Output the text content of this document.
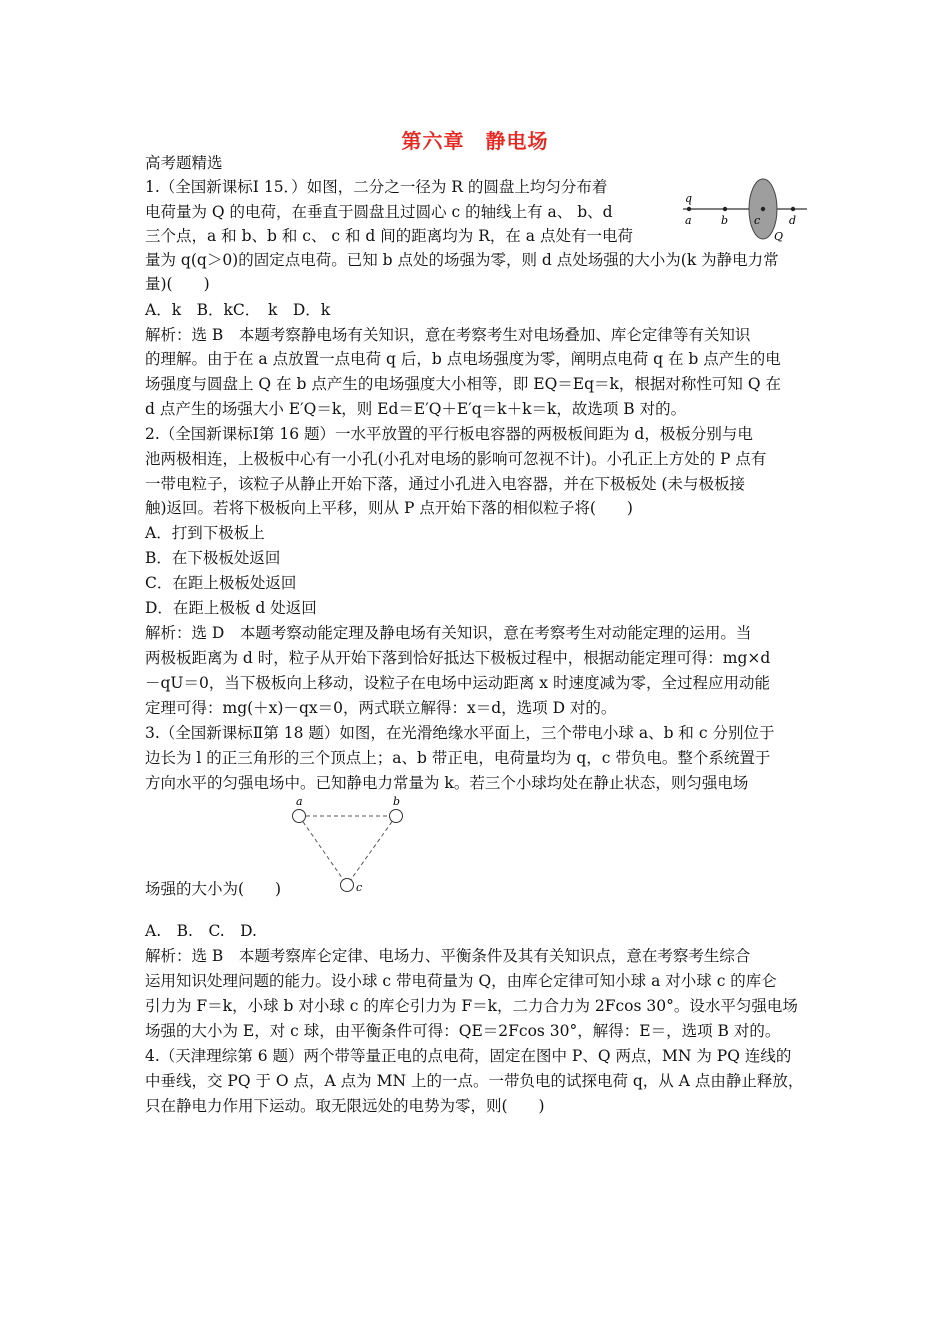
第六章　静电场
高考题精选
1.（全国新课标Ⅰ 15．）如图，二分之一径为 R 的圆盘上均匀分布着
电荷量为 Q 的电荷，在垂直于圆盘且过圆心 c 的轴线上有 a、 b、d
三个点，a 和 b、b 和 c、 c 和 d 间的距离均为 R，在 a 点处有一电荷
量为 q(q＞0)的固定点电荷。已知 b 点处的场强为零，则 d 点处场强的大小为(k 为静电力常
量)(　　)
A．k　B．kC．　k　D．k
解析：选 B　本题考察静电场有关知识，意在考察考生对电场叠加、库仑定律等有关知识
的理解。由于在 a 点放置一点电荷 q 后，b 点电场强度为零，阐明点电荷 q 在 b 点产生的电
场强度与圆盘上 Q 在 b 点产生的电场强度大小相等，即 EQ＝Eq＝k，根据对称性可知 Q 在
d 点产生的场强大小 E′Q＝k，则 Ed＝E′Q＋E′q＝k＋k＝k，故选项 B 对的。
2.（全国新课标Ⅰ第 16 题）一水平放置的平行板电容器的两极板间距为 d，极板分别与电
池两极相连，上极板中心有一小孔(小孔对电场的影响可忽视不计)。小孔正上方处的 P 点有
一带电粒子，该粒子从静止开始下落，通过小孔进入电容器，并在下极板处 (未与极板接
触)返回。若将下极板向上平移，则从 P 点开始下落的相似粒子将(　　)
A．打到下极板上
B．在下极板处返回
C．在距上极板处返回
D．在距上极板 d 处返回
解析：选 D　本题考察动能定理及静电场有关知识，意在考察考生对动能定理的运用。当
两极板距离为 d 时，粒子从开始下落到恰好抵达下极板过程中，根据动能定理可得：mg×d
－qU＝0，当下极板向上移动，设粒子在电场中运动距离 x 时速度减为零，全过程应用动能
定理可得：mg(＋x)－qx＝0，两式联立解得：x＝d，选项 D 对的。
3.（全国新课标Ⅱ第 18 题）如图，在光滑绝缘水平面上，三个带电小球 a、b 和 c 分别位于
边长为 l 的正三角形的三个顶点上；a、b 带正电，电荷量均为 q，c 带负电。整个系统置于
方向水平的匀强电场中。已知静电力常量为 k。若三个小球均处在静止状态，则匀强电场
场强的大小为(　　)
A.　B.　C.　D.
解析：选 B　本题考察库仑定律、电场力、平衡条件及其有关知识点，意在考察考生综合
运用知识处理问题的能力。设小球 c 带电荷量为 Q，由库仑定律可知小球 a 对小球 c 的库仑
引力为 F＝k，小球 b 对小球 c 的库仑引力为 F＝k，二力合力为 2Fcos 30°。设水平匀强电场
场强的大小为 E，对 c 球，由平衡条件可得：QE＝2Fcos 30°，解得：E＝，选项 B 对的。
4.（天津理综第 6 题）两个带等量正电的点电荷，固定在图中 P、Q 两点，MN 为 PQ 连线的
中垂线，交 PQ 于 O 点，A 点为 MN 上的一点。一带负电的试探电荷 q，从 A 点由静止释放，
只在静电力作用下运动。取无限远处的电势为零，则(　　)
q
a	b c	d
Q
a	b
c
